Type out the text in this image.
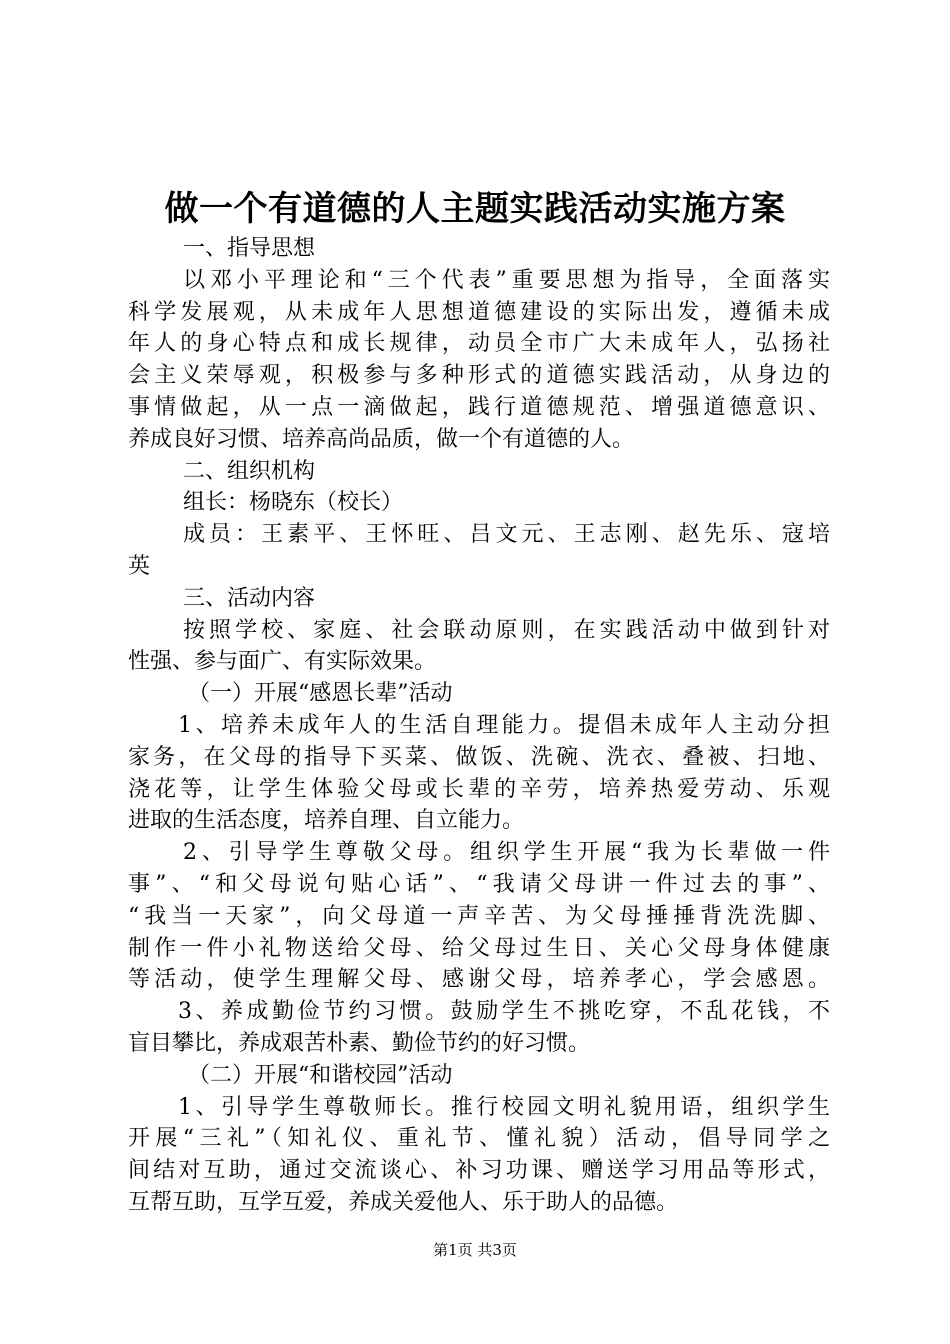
做一个有道德的人主题实践活动实施方案
一、指导思想
以邓小平理论和“三个代表”重要思想为指导，全面落实
科学发展观，从未成年人思想道德建设的实际出发，遵循未成
年人的身心特点和成长规律，动员全市广大未成年人，弘扬社
会主义荣辱观，积极参与多种形式的道德实践活动，从身边的
事情做起，从一点一滴做起，践行道德规范、增强道德意识、
养成良好习惯、培养高尚品质，做一个有道德的人。
二、组织机构
组长：杨晓东（校长）
成员：王素平、王怀旺、吕文元、王志刚、赵先乐、寇培
英
三、活动内容
按照学校、家庭、社会联动原则，在实践活动中做到针对
性强、参与面广、有实际效果。
（一）开展“感恩长辈”活动
1、培养未成年人的生活自理能力。提倡未成年人主动分担
家务，在父母的指导下买菜、做饭、洗碗、洗衣、叠被、扫地、
浇花等，让学生体验父母或长辈的辛劳，培养热爱劳动、乐观
进取的生活态度，培养自理、自立能力。
2、引导学生尊敬父母。组织学生开展“我为长辈做一件
事”、“和父母说句贴心话”、“我请父母讲一件过去的事”、
“我当一天家”，向父母道一声辛苦、为父母捶捶背洗洗脚、
制作一件小礼物送给父母、给父母过生日、关心父母身体健康
等活动，使学生理解父母、感谢父母，培养孝心，学会感恩。
3、养成勤俭节约习惯。鼓励学生不挑吃穿，不乱花钱，不
盲目攀比，养成艰苦朴素、勤俭节约的好习惯。
（二）开展“和谐校园”活动
1、引导学生尊敬师长。推行校园文明礼貌用语，组织学生
开展“三礼”（知礼仪、重礼节、懂礼貌）活动，倡导同学之
间结对互助，通过交流谈心、补习功课、赠送学习用品等形式，
互帮互助，互学互爱，养成关爱他人、乐于助人的品德。
第1页 共3页
